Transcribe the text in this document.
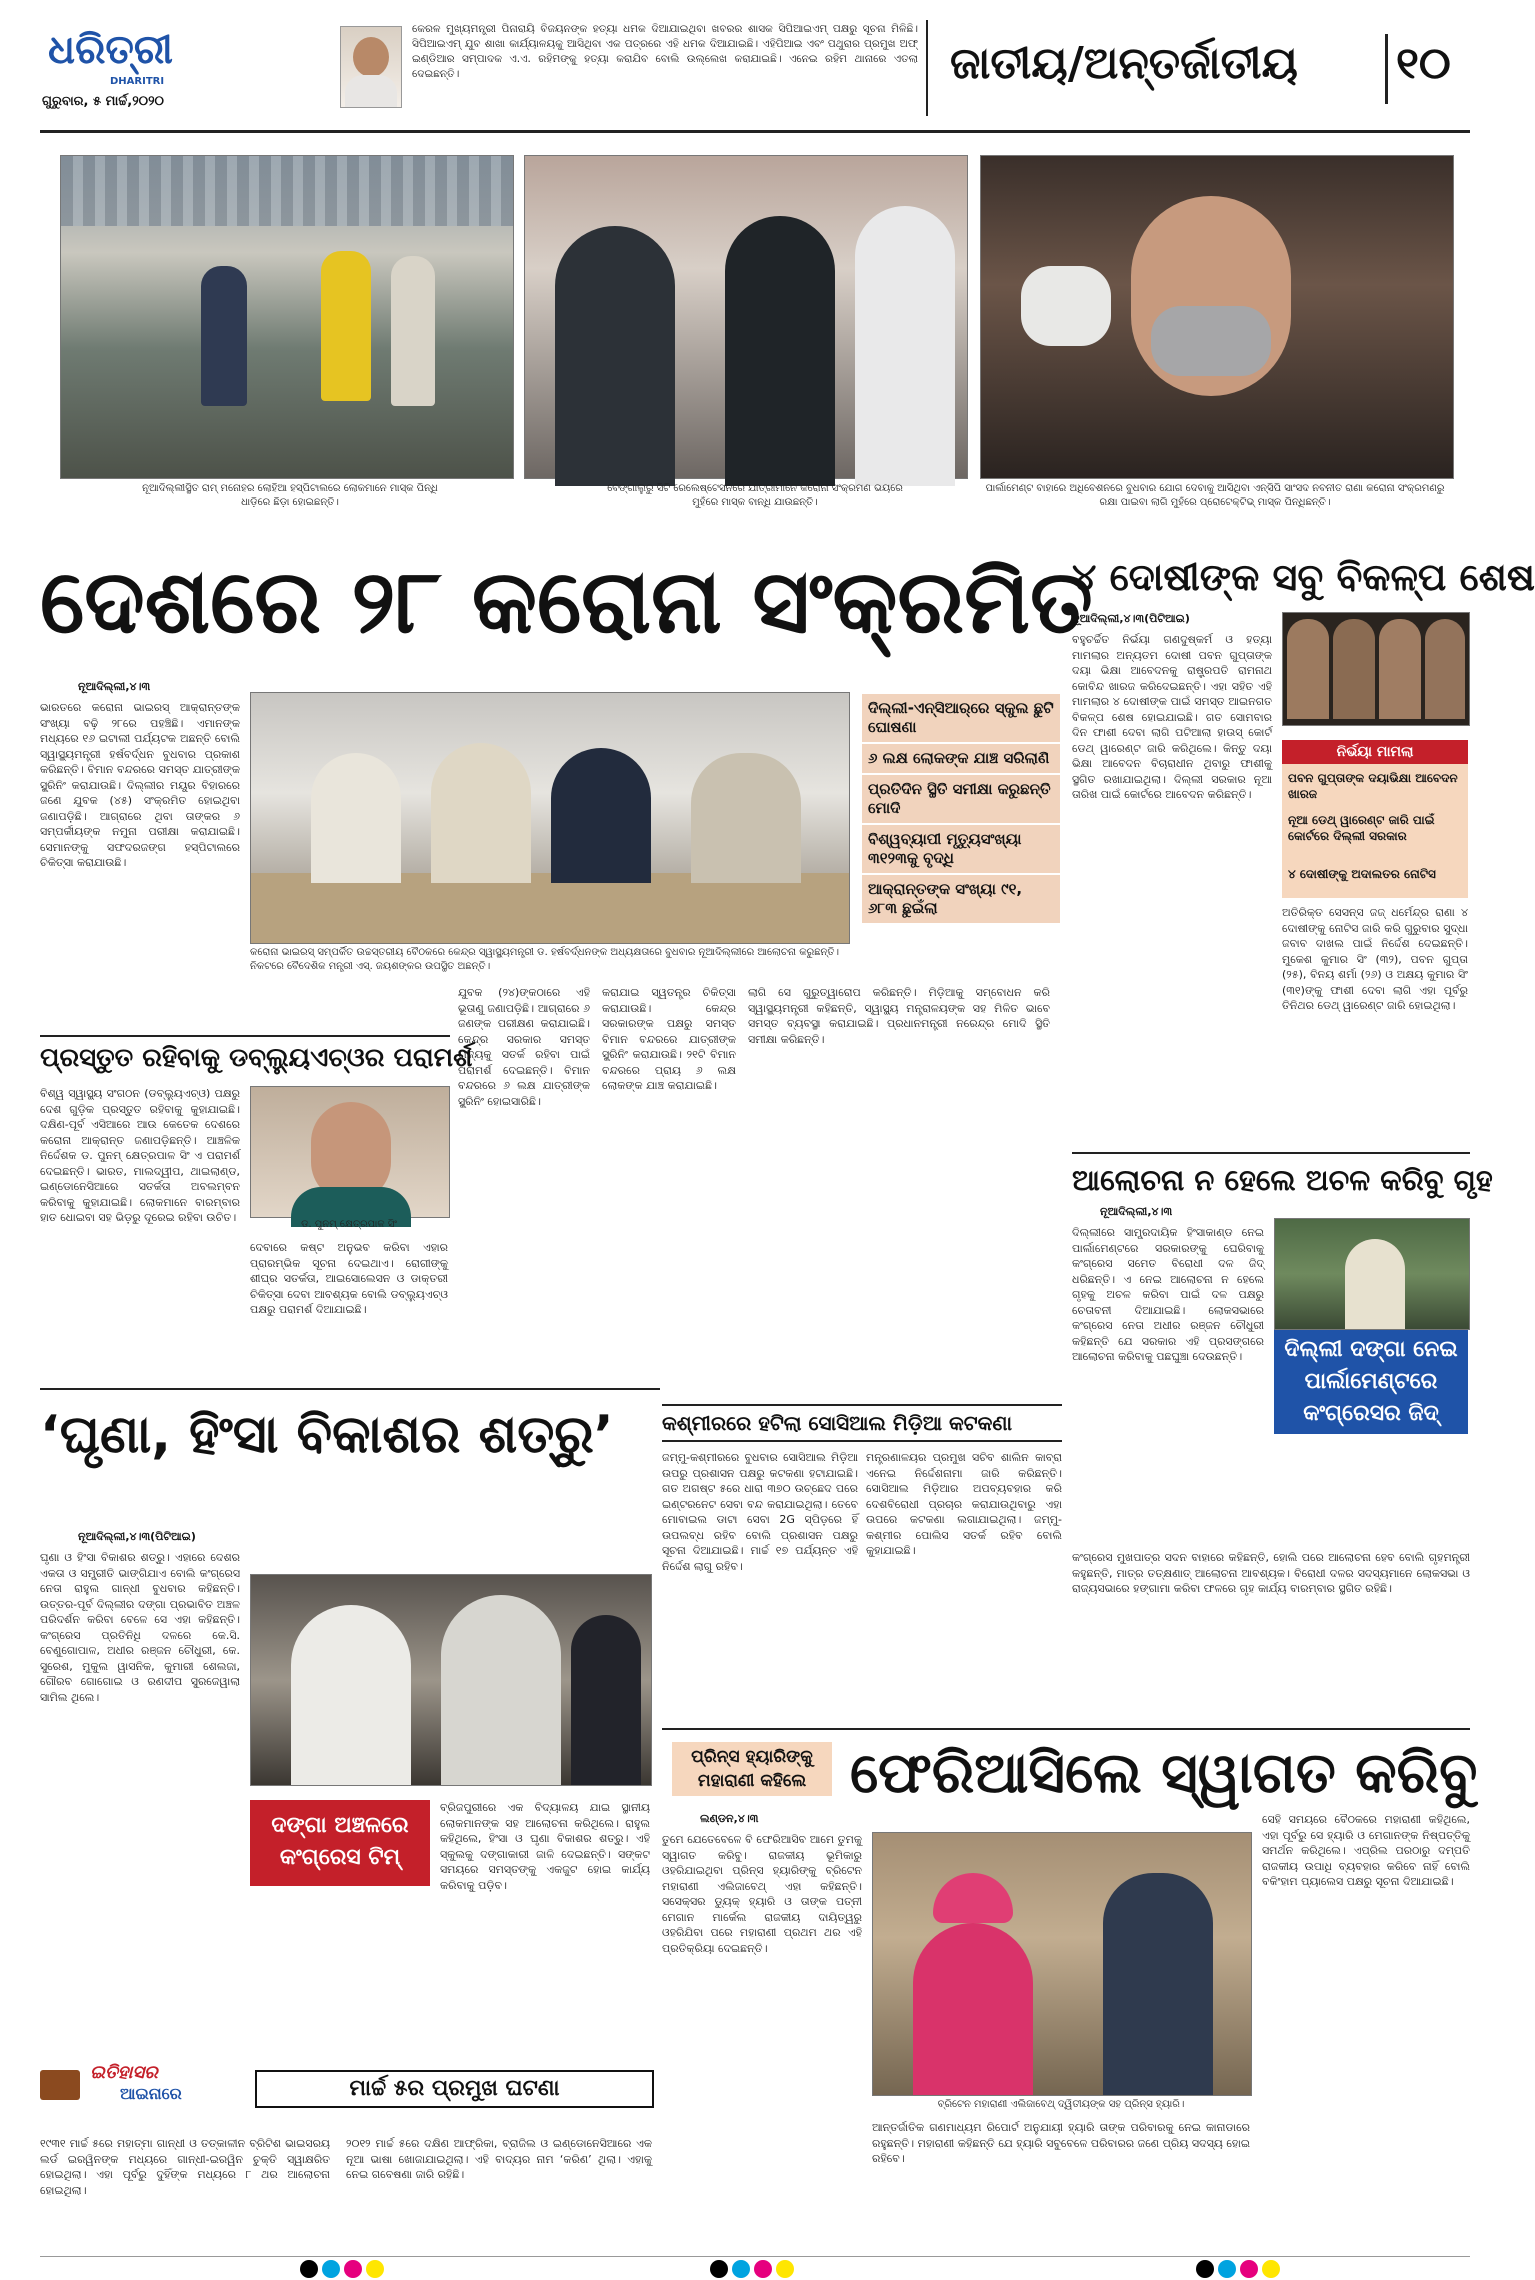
ଧରିତ୍ରୀ
DHARITRI
ଗୁରୁବାର, ୫ ମାର୍ଚ୍ଚ,୨୦୨୦
କେରଳ ମୁଖ୍ୟମନ୍ତ୍ରୀ ପିନାରାୟି ବିଜୟନଙ୍କ ହତ୍ୟା ଧମକ ଦିଆଯାଇଥିବା ଖବରର ଶାସକ ସିପିଆଇଏମ୍ ପକ୍ଷରୁ ସୂଚନା ମିଳିଛି। ସିପିଆଇଏମ୍ ଯୁବ ଶାଖା କାର୍ଯ୍ୟାଳୟକୁ ଆସିଥିବା ଏକ ପତ୍ରରେ ଏହି ଧମକ ଦିଆଯାଇଛି। ଏହିପିଆଇ ଏବଂ ପଥୁରାର ପ୍ରମୁଖ ଅଫ୍ ଇଣ୍ଡିଆର ସମ୍ପାଦକ ଏ.ଏ. ରହିମଙ୍କୁ ହତ୍ୟା କରାଯିବ ବୋଲି ଉଲ୍ଲେଖ କରାଯାଇଛି। ଏନେଇ ରହିମ ଥାନାରେ ଏତଲା ଦେଇଛନ୍ତି।	ଜାତୀୟ/ଅନ୍ତର୍ଜାତୀୟ ୧୦
ନୂଆଦିଲ୍ଲୀସ୍ଥିତ ରାମ୍ ମନୋହର ଲୋହିଆ ହସ୍ପିଟାଲରେ ଲୋକମାନେ ମାସ୍କ ପିନ୍ଧି ଧାଡ଼ିରେ ଛିଡ଼ା ହୋଇଛନ୍ତି।
ବେଙ୍ଗାଲୁରୁ ସିଟି ରେଲେଷ୍ଟେସନରେ ଯାତ୍ରୀମାନେ କରୋନା ସଂକ୍ରମଣ ଭୟରେ ମୁହଁରେ ମାସ୍କ ବାନ୍ଧି ଯାଉଛନ୍ତି।
ପାର୍ଲାମେଣ୍ଟ ବାହାରେ ଅଧିବେଶନରେ ବୁଧବାର ଯୋଗ ଦେବାକୁ ଆସିଥିବା ଏନ୍‌ସିପି ସାଂସଦ ନବନୀତ ରାଣା କରୋନା ସଂକ୍ରମଣରୁ ରକ୍ଷା ପାଇବା ଲାଗି ମୁହଁରେ ପ୍ରୋଟେକ୍ଟିଭ୍ ମାସ୍କ ପିନ୍ଧିଛନ୍ତି।
ଦେଶରେ ୨୮ କରୋନା ସଂକ୍ରମିତ
ନୂଆଦିଲ୍ଲୀ,୪।୩
ଭାରତରେ କରୋନା ଭାଇରସ୍ ଆକ୍ରାନ୍ତଙ୍କ ସଂଖ୍ୟା ବଢ଼ି ୨୮ରେ ପହଞ୍ଚିଛି। ଏମାନଙ୍କ ମଧ୍ୟରେ ୧୬ ଇଟାଲୀ ପର୍ଯ୍ୟଟକ ଅଛନ୍ତି ବୋଲି ସ୍ୱାସ୍ଥ୍ୟମନ୍ତ୍ରୀ ହର୍ଷବର୍ଦ୍ଧନ ବୁଧବାର ପ୍ରକାଶ କରିଛନ୍ତି। ବିମାନ ବନ୍ଦରରେ ସମସ୍ତ ଯାତ୍ରୀଙ୍କ ସ୍କ୍ରିନିଂ କରାଯାଉଛି। ଦିଲ୍ଲୀର ମୟୂର ବିହାରରେ ଜଣେ ଯୁବକ (୪୫) ସଂକ୍ରମିତ ହୋଇଥିବା ଜଣାପଡ଼ିଛି। ଆଗ୍ରାରେ ଥିବା ତାଙ୍କର ୬ ସମ୍ପର୍କୀୟଙ୍କ ନମୁନା ପରୀକ୍ଷା କରାଯାଇଛି। ସେମାନଙ୍କୁ ସଫଦରଜଙ୍ଗ ହସ୍ପିଟାଲରେ ଚିକିତ୍ସା କରାଯାଉଛି।
କରୋନା ଭାଇରସ୍ ସମ୍ପର୍କିତ ଉଚ୍ଚସ୍ତରୀୟ ବୈଠକରେ କେନ୍ଦ୍ର ସ୍ୱାସ୍ଥ୍ୟମନ୍ତ୍ରୀ ଡ. ହର୍ଷବର୍ଦ୍ଧନଙ୍କ ଅଧ୍ୟକ୍ଷତାରେ ବୁଧବାର ନୂଆଦିଲ୍ଲୀରେ ଆଲୋଚନା କରୁଛନ୍ତି। ନିକଟରେ ବୈଦେଶିକ ମନ୍ତ୍ରୀ ଏସ୍. ଜୟଶଙ୍କର ଉପସ୍ଥିତ ଅଛନ୍ତି।
ଦିଲ୍ଲୀ-ଏନ୍‌ସିଆର୍‌ରେ ସ୍କୁଲ ଛୁଟି ଘୋଷଣା
୬ ଲକ୍ଷ ଲୋକଙ୍କ ଯାଞ୍ଚ ସରିଲାଣି
ପ୍ରତିଦିନ ସ୍ଥିତି ସମୀକ୍ଷା କରୁଛନ୍ତି ମୋଦି
ବିଶ୍ୱବ୍ୟାପୀ ମୃତ୍ୟୁସଂଖ୍ୟା ୩୧୨୩କୁ ବୃଦ୍ଧି
ଆକ୍ରାନ୍ତଙ୍କ ସଂଖ୍ୟା ୯୧, ୬୮୩ ଛୁଇଁଲା
ଯୁବକ (୨୪)ଙ୍କଠାରେ ଏହି ଭୂତାଣୁ ଜଣାପଡ଼ିଛି। ଆଗ୍ରାରେ ୬ ଜଣଙ୍କ ପରୀକ୍ଷଣ କରାଯାଇଛି। କେନ୍ଦ୍ର ସରକାର ସମସ୍ତ ରାଜ୍ୟକୁ ସତର୍କ ରହିବା ପାଇଁ ପରାମର୍ଶ ଦେଇଛନ୍ତି। ବିମାନ ବନ୍ଦରରେ ୬ ଲକ୍ଷ ଯାତ୍ରୀଙ୍କ ସ୍କ୍ରିନିଂ ହୋଇସାରିଛି।
କରାଯାଇ ସ୍ୱତନ୍ତ୍ର ଚିକିତ୍ସା କରାଯାଉଛି। କେନ୍ଦ୍ର ସରକାରଙ୍କ ପକ୍ଷରୁ ସମସ୍ତ ବିମାନ ବନ୍ଦରରେ ଯାତ୍ରୀଙ୍କ ସ୍କ୍ରିନିଂ କରାଯାଉଛି। ୨୧ଟି ବିମାନ ବନ୍ଦରରେ ପ୍ରାୟ ୬ ଲକ୍ଷ ଲୋକଙ୍କ ଯାଞ୍ଚ କରାଯାଇଛି।
ଲାଗି ସେ ଗୁରୁତ୍ୱାରୋପ କରିଛନ୍ତି। ମିଡ଼ିଆକୁ ସମ୍ବୋଧନ କରି ସ୍ୱାସ୍ଥ୍ୟମନ୍ତ୍ରୀ କହିଛନ୍ତି, ସ୍ୱାସ୍ଥ୍ୟ ମନ୍ତ୍ରାଳୟଙ୍କ ସହ ମିଳିତ ଭାବେ ସମସ୍ତ ବ୍ୟବସ୍ଥା କରାଯାଇଛି। ପ୍ରଧାନମନ୍ତ୍ରୀ ନରେନ୍ଦ୍ର ମୋଦି ସ୍ଥିତି ସମୀକ୍ଷା କରିଛନ୍ତି।
ପ୍ରସ୍ତୁତ ରହିବାକୁ ଡବ୍ଲ୍ୟୁଏଚ୍‌ଓର ପରାମର୍ଶ
ବିଶ୍ୱ ସ୍ୱାସ୍ଥ୍ୟ ସଂଗଠନ (ଡବ୍ଲ୍ୟୁଏଚ୍‌ଓ) ପକ୍ଷରୁ ଦେଶ ଗୁଡ଼ିକ ପ୍ରସ୍ତୁତ ରହିବାକୁ କୁହାଯାଇଛି। ଦକ୍ଷିଣ-ପୂର୍ବ ଏସିଆରେ ଆଉ କେତେକ ଦେଶରେ କରୋନା ଆକ୍ରାନ୍ତ ଜଣାପଡ଼ିଛନ୍ତି। ଆଞ୍ଚଳିକ ନିର୍ଦ୍ଦେଶକ ଡ. ପୁନମ୍ କ୍ଷେତ୍ରପାଳ ସିଂ ଏ ପରାମର୍ଶ ଦେଇଛନ୍ତି। ଭାରତ, ମାଲଦ୍ୱୀପ, ଥାଇଲାଣ୍ଡ, ଇଣ୍ଡୋନେସିଆରେ ସତର୍କତା ଅବଲମ୍ବନ କରିବାକୁ କୁହାଯାଇଛି। ଲୋକମାନେ ବାରମ୍ବାର ହାତ ଧୋଇବା ସହ ଭିଡ଼ରୁ ଦୂରେଇ ରହିବା ଉଚିତ।
ଡ. ପୁନମ୍ କ୍ଷେତ୍ରପାଳ ସିଂ
ଦେବାରେ କଷ୍ଟ ଅନୁଭବ କରିବା ଏହାର ପ୍ରାରମ୍ଭିକ ସୂଚନା ଦେଇଥାଏ। ରୋଗୀଙ୍କୁ ଶୀଘ୍ର ସତର୍କତା, ଆଇସୋଲେସନ ଓ ଡାକ୍ତରୀ ଚିକିତ୍ସା ଦେବା ଆବଶ୍ୟକ ବୋଲି ଡବ୍ଲ୍ୟୁଏଚ୍‌ଓ ପକ୍ଷରୁ ପରାମର୍ଶ ଦିଆଯାଇଛି।
୪ ଦୋଷୀଙ୍କ ସବୁ ବିକଳ୍ପ ଶେଷ
ନୂଆଦିଲ୍ଲୀ,୪।୩(ପିଟିଆଇ)
ବହୁଚର୍ଚ୍ଚିତ ନିର୍ଭୟା ଗଣଦୁଷ୍କର୍ମ ଓ ହତ୍ୟା ମାମଲାର ଅନ୍ୟତମ ଦୋଷୀ ପବନ ଗୁପ୍ତାଙ୍କ ଦୟା ଭିକ୍ଷା ଆବେଦନକୁ ରାଷ୍ଟ୍ରପତି ରାମନାଥ କୋବିନ୍ଦ ଖାରଜ କରିଦେଇଛନ୍ତି। ଏହା ସହିତ ଏହି ମାମଲାର ୪ ଦୋଷୀଙ୍କ ପାଇଁ ସମସ୍ତ ଆଇନଗତ ବିକଳ୍ପ ଶେଷ ହୋଇଯାଇଛି। ଗତ ସୋମବାର ଦିନ ଫାଶୀ ଦେବା ଲାଗି ପଟିଆଲା ହାଉସ୍ କୋର୍ଟ ଡେଥ୍ ୱାରେଣ୍ଟ ଜାରି କରିଥିଲେ। କିନ୍ତୁ ଦୟା ଭିକ୍ଷା ଆବେଦନ ବିଚାରାଧୀନ ଥିବାରୁ ଫାଶୀକୁ ସ୍ଥଗିତ ରଖାଯାଇଥିଲା। ଦିଲ୍ଲୀ ସରକାର ନୂଆ ତାରିଖ ପାଇଁ କୋର୍ଟରେ ଆବେଦନ କରିଛନ୍ତି।
ନିର୍ଭୟା ମାମଲା
ପବନ ଗୁପ୍ତାଙ୍କ ଦୟାଭିକ୍ଷା ଆବେଦନ ଖାରଜ
ନୂଆ ଡେଥ୍ ୱାରେଣ୍ଟ ଜାରି ପାଇଁ କୋର୍ଟରେ ଦିଲ୍ଲୀ ସରକାର
୪ ଦୋଷୀଙ୍କୁ ଅଦାଲତର ନୋଟିସ
ଅତିରିକ୍ତ ସେସନ୍ସ ଜଜ୍ ଧର୍ମେନ୍ଦ୍ର ରାଣା ୪ ଦୋଷୀଙ୍କୁ ନୋଟିସ ଜାରି କରି ଗୁରୁବାର ସୁଦ୍ଧା ଜବାବ ଦାଖଲ ପାଇଁ ନିର୍ଦ୍ଦେଶ ଦେଇଛନ୍ତି। ମୁକେଶ କୁମାର ସିଂ (୩୨), ପବନ ଗୁପ୍ତା (୨୫), ବିନୟ ଶର୍ମା (୨୬) ଓ ଅକ୍ଷୟ କୁମାର ସିଂ (୩୧)ଙ୍କୁ ଫାଶୀ ଦେବା ଲାଗି ଏହା ପୂର୍ବରୁ ତିନିଥର ଡେଥ୍ ୱାରେଣ୍ଟ ଜାରି ହୋଇଥିଲା।
ଆଲୋଚନା ନ ହେଲେ ଅଚଳ କରିବୁ ଗୃହ
ନୂଆଦିଲ୍ଲୀ,୪।୩
ଦିଲ୍ଲୀରେ ସାମ୍ପ୍ରଦାୟିକ ହିଂସାକାଣ୍ଡ ନେଇ ପାର୍ଲାମେଣ୍ଟରେ ସରକାରଙ୍କୁ ଘେରିବାକୁ କଂଗ୍ରେସ ସମେତ ବିରୋଧୀ ଦଳ ଜିଦ୍ ଧରିଛନ୍ତି। ଏ ନେଇ ଆଲୋଚନା ନ ହେଲେ ଗୃହକୁ ଅଚଳ କରିବା ପାଇଁ ଦଳ ପକ୍ଷରୁ ଚେତାବନୀ ଦିଆଯାଇଛି। ଲୋକସଭାରେ କଂଗ୍ରେସ ନେତା ଅଧୀର ରଞ୍ଜନ ଚୌଧୁରୀ କହିଛନ୍ତି ଯେ ସରକାର ଏହି ପ୍ରସଙ୍ଗରେ ଆଲୋଚନା କରିବାକୁ ପଛଘୁଞ୍ଚା ଦେଉଛନ୍ତି।	ଦିଲ୍ଲୀ ଦଙ୍ଗା ନେଇ ପାର୍ଲାମେଣ୍ଟରେ କଂଗ୍ରେସର ଜିଦ୍
କଂଗ୍ରେସ ମୁଖପାତ୍ର ସଦନ ବାହାରେ କହିଛନ୍ତି, ହୋଲି ପରେ ଆଲୋଚନା ହେବ ବୋଲି ଗୃହମନ୍ତ୍ରୀ କହୁଛନ୍ତି, ମାତ୍ର ତତ୍‌କ୍ଷଣାତ୍ ଆଲୋଚନା ଆବଶ୍ୟକ। ବିରୋଧୀ ଦଳର ସଦସ୍ୟମାନେ ଲୋକସଭା ଓ ରାଜ୍ୟସଭାରେ ହଙ୍ଗାମା କରିବା ଫଳରେ ଗୃହ କାର୍ଯ୍ୟ ବାରମ୍ବାର ସ୍ଥଗିତ ରହିଛି।
‘ଘୃଣା, ହିଂସା ବିକାଶର ଶତ୍ରୁ’
ନୂଆଦିଲ୍ଲୀ,୪।୩(ପିଟିଆଇ)
ଘୃଣା ଓ ହିଂସା ବିକାଶର ଶତ୍ରୁ। ଏହାରେ ଦେଶର ଏକତା ଓ ସମ୍ପ୍ରୀତି ଭାଙ୍ଗିଯାଏ ବୋଲି କଂଗ୍ରେସ ନେତା ରାହୁଲ ଗାନ୍ଧୀ ବୁଧବାର କହିଛନ୍ତି। ଉତ୍ତର-ପୂର୍ବ ଦିଲ୍ଲୀର ଦଙ୍ଗା ପ୍ରଭାବିତ ଅଞ୍ଚଳ ପରିଦର୍ଶନ କରିବା ବେଳେ ସେ ଏହା କହିଛନ୍ତି। କଂଗ୍ରେସ ପ୍ରତିନିଧି ଦଳରେ କେ.ସି. ବେଣୁଗୋପାଳ, ଅଧୀର ରଞ୍ଜନ ଚୌଧୁରୀ, କେ. ସୁରେଶ, ମୁକୁଲ ୱାସନିକ, କୁମାରୀ ଶେଲଜା, ଗୌରବ ଗୋଗୋଇ ଓ ରଣଦୀପ ସୁରଜେୱାଲା ସାମିଲ ଥିଲେ।
ଦଙ୍ଗା ଅଞ୍ଚଳରେ କଂଗ୍ରେସ ଟିମ୍
ବ୍ରିଜପୁରୀରେ ଏକ ବିଦ୍ୟାଳୟ ଯାଇ ସ୍ଥାନୀୟ ଲୋକମାନଙ୍କ ସହ ଆଲୋଚନା କରିଥିଲେ। ରାହୁଲ କହିଥିଲେ, ହିଂସା ଓ ଘୃଣା ବିକାଶର ଶତ୍ରୁ। ଏହି ସ୍କୁଲକୁ ଦଙ୍ଗାକାରୀ ଜାଳି ଦେଇଛନ୍ତି। ସଙ୍କଟ ସମୟରେ ସମସ୍ତଙ୍କୁ ଏକଜୁଟ ହୋଇ କାର୍ଯ୍ୟ କରିବାକୁ ପଡ଼ିବ।
କଶ୍ମୀରରେ ହଟିଲା ସୋସିଆଲ ମିଡ଼ିଆ କଟକଣା
ଜମ୍ମୁ-କଶ୍ମୀରରେ ବୁଧବାର ସୋସିଆଲ ମିଡ଼ିଆ ଉପରୁ ପ୍ରଶାସନ ପକ୍ଷରୁ କଟକଣା ହଟାଯାଇଛି। ଗତ ଅଗଷ୍ଟ ୫ରେ ଧାରା ୩୭୦ ଉଚ୍ଛେଦ ପରେ ଇଣ୍ଟରନେଟ ସେବା ବନ୍ଦ କରାଯାଇଥିଲା। ତେବେ ମୋବାଇଲ ଡାଟା ସେବା 2G ସ୍ପିଡ଼ରେ ହିଁ ଉପଲବ୍ଧ ରହିବ ବୋଲି ପ୍ରଶାସନ ପକ୍ଷରୁ ସୂଚନା ଦିଆଯାଇଛି। ମାର୍ଚ୍ଚ ୧୭ ପର୍ଯ୍ୟନ୍ତ ଏହି ନିର୍ଦ୍ଦେଶ ଲାଗୁ ରହିବ।
ମନ୍ତ୍ରଣାଳୟର ପ୍ରମୁଖ ସଚିବ ଶାଲିନ କାବ୍ରା ଏନେଇ ନିର୍ଦ୍ଦେଶନାମା ଜାରି କରିଛନ୍ତି। ସୋସିଆଲ ମିଡ଼ିଆର ଅପବ୍ୟବହାର କରି ଦେଶବିରୋଧୀ ପ୍ରଚାର କରାଯାଉଥିବାରୁ ଏହା ଉପରେ କଟକଣା ଲଗାଯାଇଥିଲା। ଜମ୍ମୁ-କଶ୍ମୀର ପୋଲିସ ସତର୍କ ରହିବ ବୋଲି କୁହାଯାଇଛି।
ପ୍ରିନ୍ସ ହ୍ୟାରିଙ୍କୁ ମହାରାଣୀ କହିଲେ ଫେରିଆସିଲେ ସ୍ୱାଗତ କରିବୁ
ଲଣ୍ଡନ,୪।୩
ତୁମେ ଯେତେବେଳେ ବି ଫେରିଆସିବ ଆମେ ତୁମକୁ ସ୍ୱାଗତ କରିବୁ। ରାଜକୀୟ ଭୂମିକାରୁ ଓହରିଯାଇଥିବା ପ୍ରିନ୍ସ ହ୍ୟାରିଙ୍କୁ ବ୍ରିଟେନ ମହାରାଣୀ ଏଲିଜାବେଥ୍ ଏହା କହିଛନ୍ତି। ସସେକ୍ସର ଡ୍ୟୁକ୍ ହ୍ୟାରି ଓ ତାଙ୍କ ପତ୍ନୀ ମେଗାନ ମାର୍କେଲ ରାଜକୀୟ ଦାୟିତ୍ୱରୁ ଓହରିଯିବା ପରେ ମହାରାଣୀ ପ୍ରଥମ ଥର ଏହି ପ୍ରତିକ୍ରିୟା ଦେଇଛନ୍ତି।
ବ୍ରିଟେନ ମହାରାଣୀ ଏଲିଜାବେଥ୍ ଦ୍ୱିତୀୟଙ୍କ ସହ ପ୍ରିନ୍ସ ହ୍ୟାରି।
ଆନ୍ତର୍ଜାତିକ ଗଣମାଧ୍ୟମ ରିପୋର୍ଟ ଅନୁଯାୟୀ ହ୍ୟାରି ତାଙ୍କ ପରିବାରକୁ ନେଇ କାନାଡାରେ ରହୁଛନ୍ତି। ମହାରାଣୀ କହିଛନ୍ତି ଯେ ହ୍ୟାରି ସବୁବେଳେ ପରିବାରର ଜଣେ ପ୍ରିୟ ସଦସ୍ୟ ହୋଇ ରହିବେ।
ସେହି ସମୟରେ ବୈଠକରେ ମହାରାଣୀ କହିଥିଲେ, ଏହା ପୂର୍ବରୁ ସେ ହ୍ୟାରି ଓ ମେଗାନଙ୍କ ନିଷ୍ପତ୍ତିକୁ ସମର୍ଥନ କରିଥିଲେ। ଏପ୍ରିଲ ପରଠାରୁ ଦମ୍ପତି ରାଜକୀୟ ଉପାଧି ବ୍ୟବହାର କରିବେ ନାହିଁ ବୋଲି ବକିଂହାମ ପ୍ୟାଲେସ ପକ୍ଷରୁ ସୂଚନା ଦିଆଯାଇଛି।
ଇତିହାସର
ଆଇନାରେ	ମାର୍ଚ୍ଚ ୫ର ପ୍ରମୁଖ ଘଟଣା
୧୯୩୧ ମାର୍ଚ୍ଚ ୫ରେ ମହାତ୍ମା ଗାନ୍ଧୀ ଓ ତତ୍କାଳୀନ ବ୍ରିଟିଶ ଭାଇସରୟ ଲର୍ଡ ଇରୱିନଙ୍କ ମଧ୍ୟରେ ଗାନ୍ଧୀ-ଇରୱିନ ଚୁକ୍ତି ସ୍ୱାକ୍ଷରିତ ହୋଇଥିଲା। ଏହା ପୂର୍ବରୁ ଦୁହିଁଙ୍କ ମଧ୍ୟରେ ୮ ଥର ଆଲୋଚନା ହୋଇଥିଲା।
୨୦୧୨ ମାର୍ଚ୍ଚ ୫ରେ ଦକ୍ଷିଣ ଆଫ୍ରିକା, ବ୍ରାଜିଲ ଓ ଇଣ୍ଡୋନେସିଆରେ ଏକ ନୂଆ ଭାଷା ଖୋଜାଯାଇଥିଲା। ଏହି ବାଦ୍ୟର ନାମ ‘କରିଣ’ ଥିଲା। ଏହାକୁ ନେଇ ଗବେଷଣା ଜାରି ରହିଛି।
